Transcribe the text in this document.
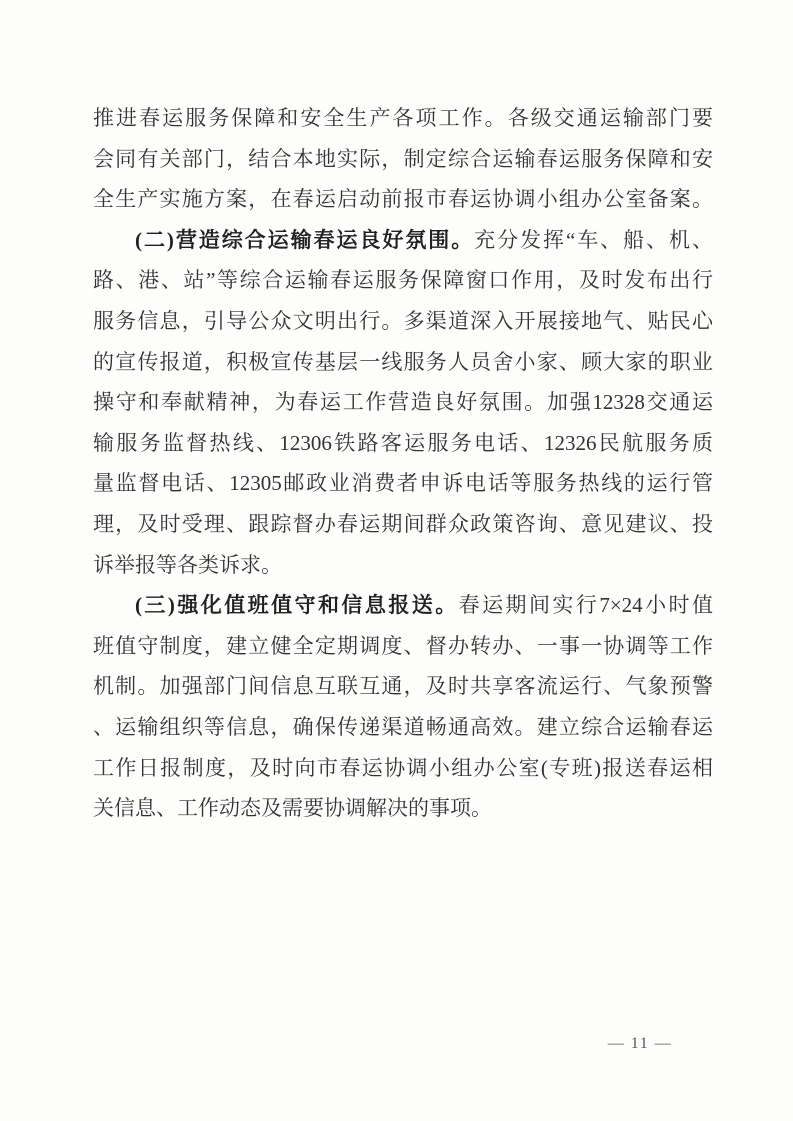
推进春运服务保障和安全生产各项工作。各级交通运输部门要
会同有关部门，结合本地实际，制定综合运输春运服务保障和安
全生产实施方案，在春运启动前报市春运协调小组办公室备案。
(二)营造综合运输春运良好氛围。充分发挥“车、船、机、
路、港、站”等综合运输春运服务保障窗口作用，及时发布出行
服务信息，引导公众文明出行。多渠道深入开展接地气、贴民心
的宣传报道，积极宣传基层一线服务人员舍小家、顾大家的职业
操守和奉献精神，为春运工作营造良好氛围。加强12328交通运
输服务监督热线、12306铁路客运服务电话、12326民航服务质
量监督电话、12305邮政业消费者申诉电话等服务热线的运行管
理，及时受理、跟踪督办春运期间群众政策咨询、意见建议、投
诉举报等各类诉求。
(三)强化值班值守和信息报送。春运期间实行7×24小时值
班值守制度，建立健全定期调度、督办转办、一事一协调等工作
机制。加强部门间信息互联互通，及时共享客流运行、气象预警
、运输组织等信息，确保传递渠道畅通高效。建立综合运输春运
工作日报制度，及时向市春运协调小组办公室(专班)报送春运相
关信息、工作动态及需要协调解决的事项。
— 11 —
